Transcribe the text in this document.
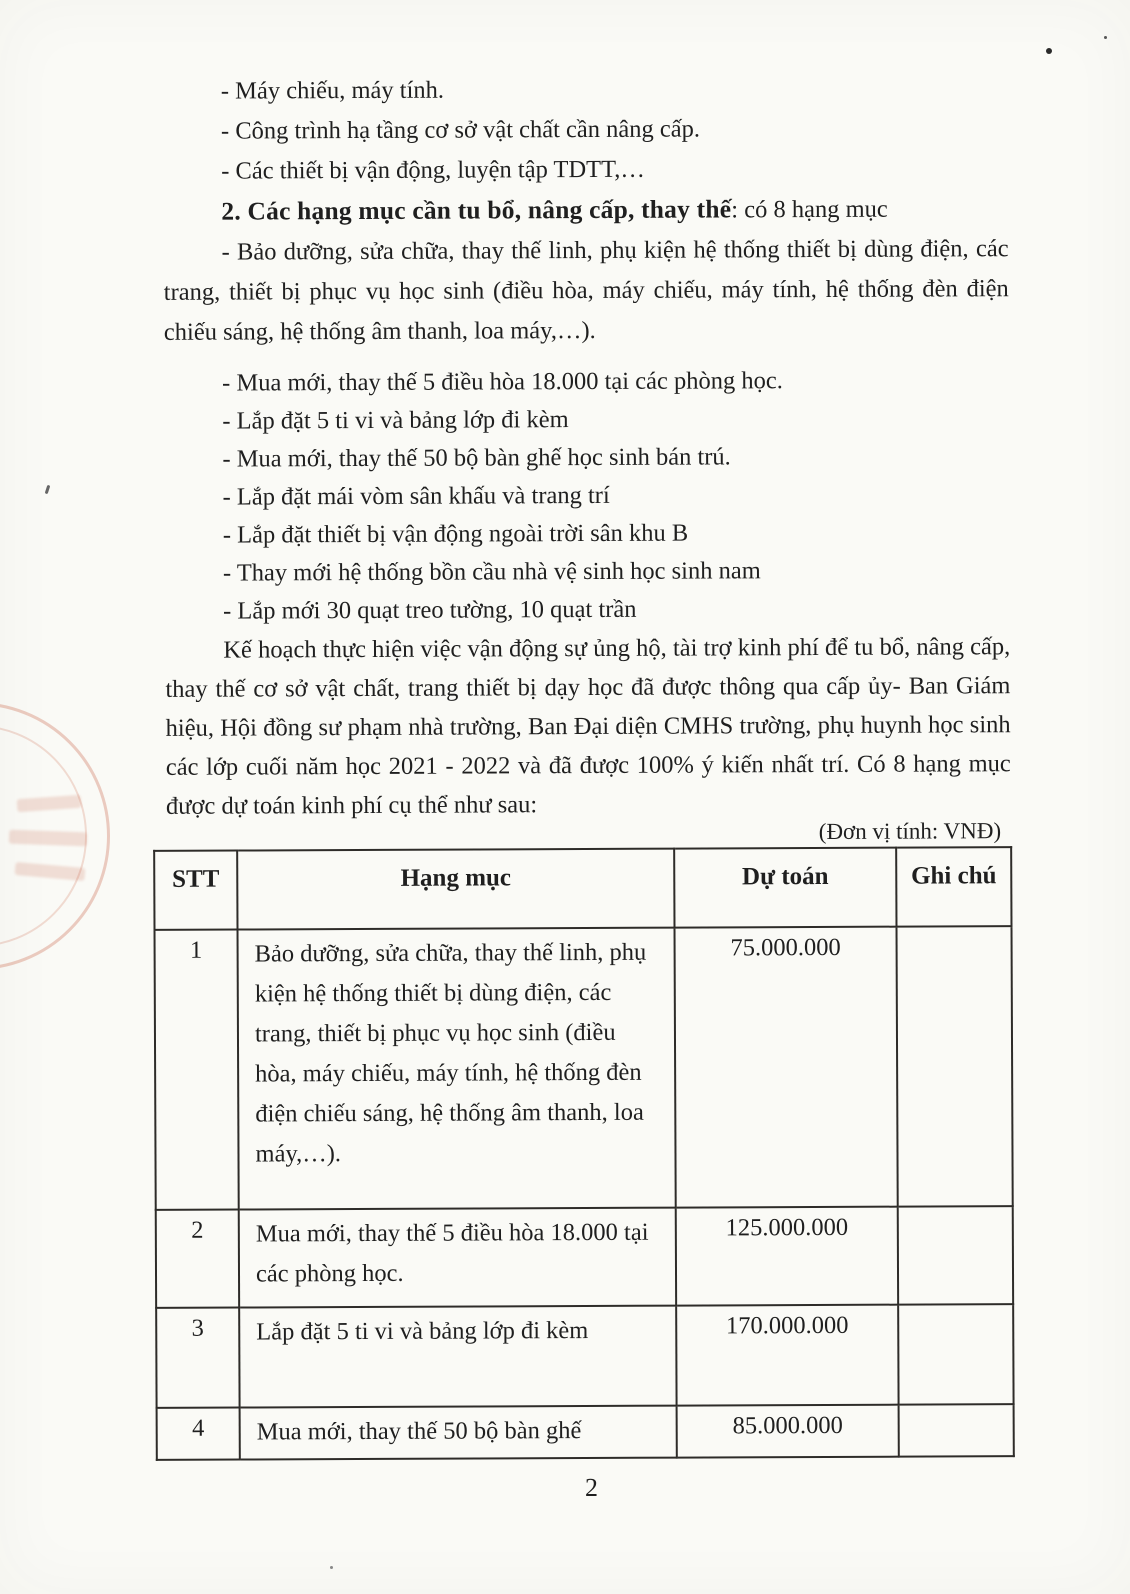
- Máy chiếu, máy tính.

- Công trình hạ tầng cơ sở vật chất cần nâng cấp.

- Các thiết bị vận động, luyện tập TDTT,…

2. Các hạng mục cần tu bổ, nâng cấp, thay thế: có 8 hạng mục

- Bảo dưỡng, sửa chữa, thay thế linh, phụ kiện hệ thống thiết bị dùng điện, các trang, thiết bị phục vụ học sinh (điều hòa, máy chiếu, máy tính, hệ thống đèn điện chiếu sáng, hệ thống âm thanh, loa máy,…).

- Mua mới, thay thế 5 điều hòa 18.000 tại các phòng học.

- Lắp đặt 5 ti vi và bảng lớp đi kèm

- Mua mới, thay thế 50 bộ bàn ghế học sinh bán trú.

- Lắp đặt mái vòm sân khấu và trang trí

- Lắp đặt thiết bị vận động ngoài trời sân khu B

- Thay mới hệ thống bồn cầu nhà vệ sinh học sinh nam

- Lắp mới 30 quạt treo tường, 10 quạt trần

Kế hoạch thực hiện việc vận động sự ủng hộ, tài trợ kinh phí để tu bổ, nâng cấp, thay thế cơ sở vật chất, trang thiết bị dạy học đã được thông qua cấp ủy- Ban Giám hiệu, Hội đồng sư phạm nhà trường, Ban Đại diện CMHS trường, phụ huynh học sinh các lớp cuối năm học 2021 - 2022 và đã được 100% ý kiến nhất trí. Có 8 hạng mục được dự toán kinh phí cụ thể như sau:

(Đơn vị tính: VNĐ)

STT	Hạng mục	Dự toán	Ghi chú
1	Bảo dưỡng, sửa chữa, thay thế linh, phụ kiện hệ thống thiết bị dùng điện, các trang, thiết bị phục vụ học sinh (điều hòa, máy chiếu, máy tính, hệ thống đèn điện chiếu sáng, hệ thống âm thanh, loa máy,…).	75.000.000	
2	Mua mới, thay thế 5 điều hòa 18.000 tại các phòng học.	125.000.000	
3	Lắp đặt 5 ti vi và bảng lớp đi kèm	170.000.000	
4	Mua mới, thay thế 50 bộ bàn ghế	85.000.000	
2
